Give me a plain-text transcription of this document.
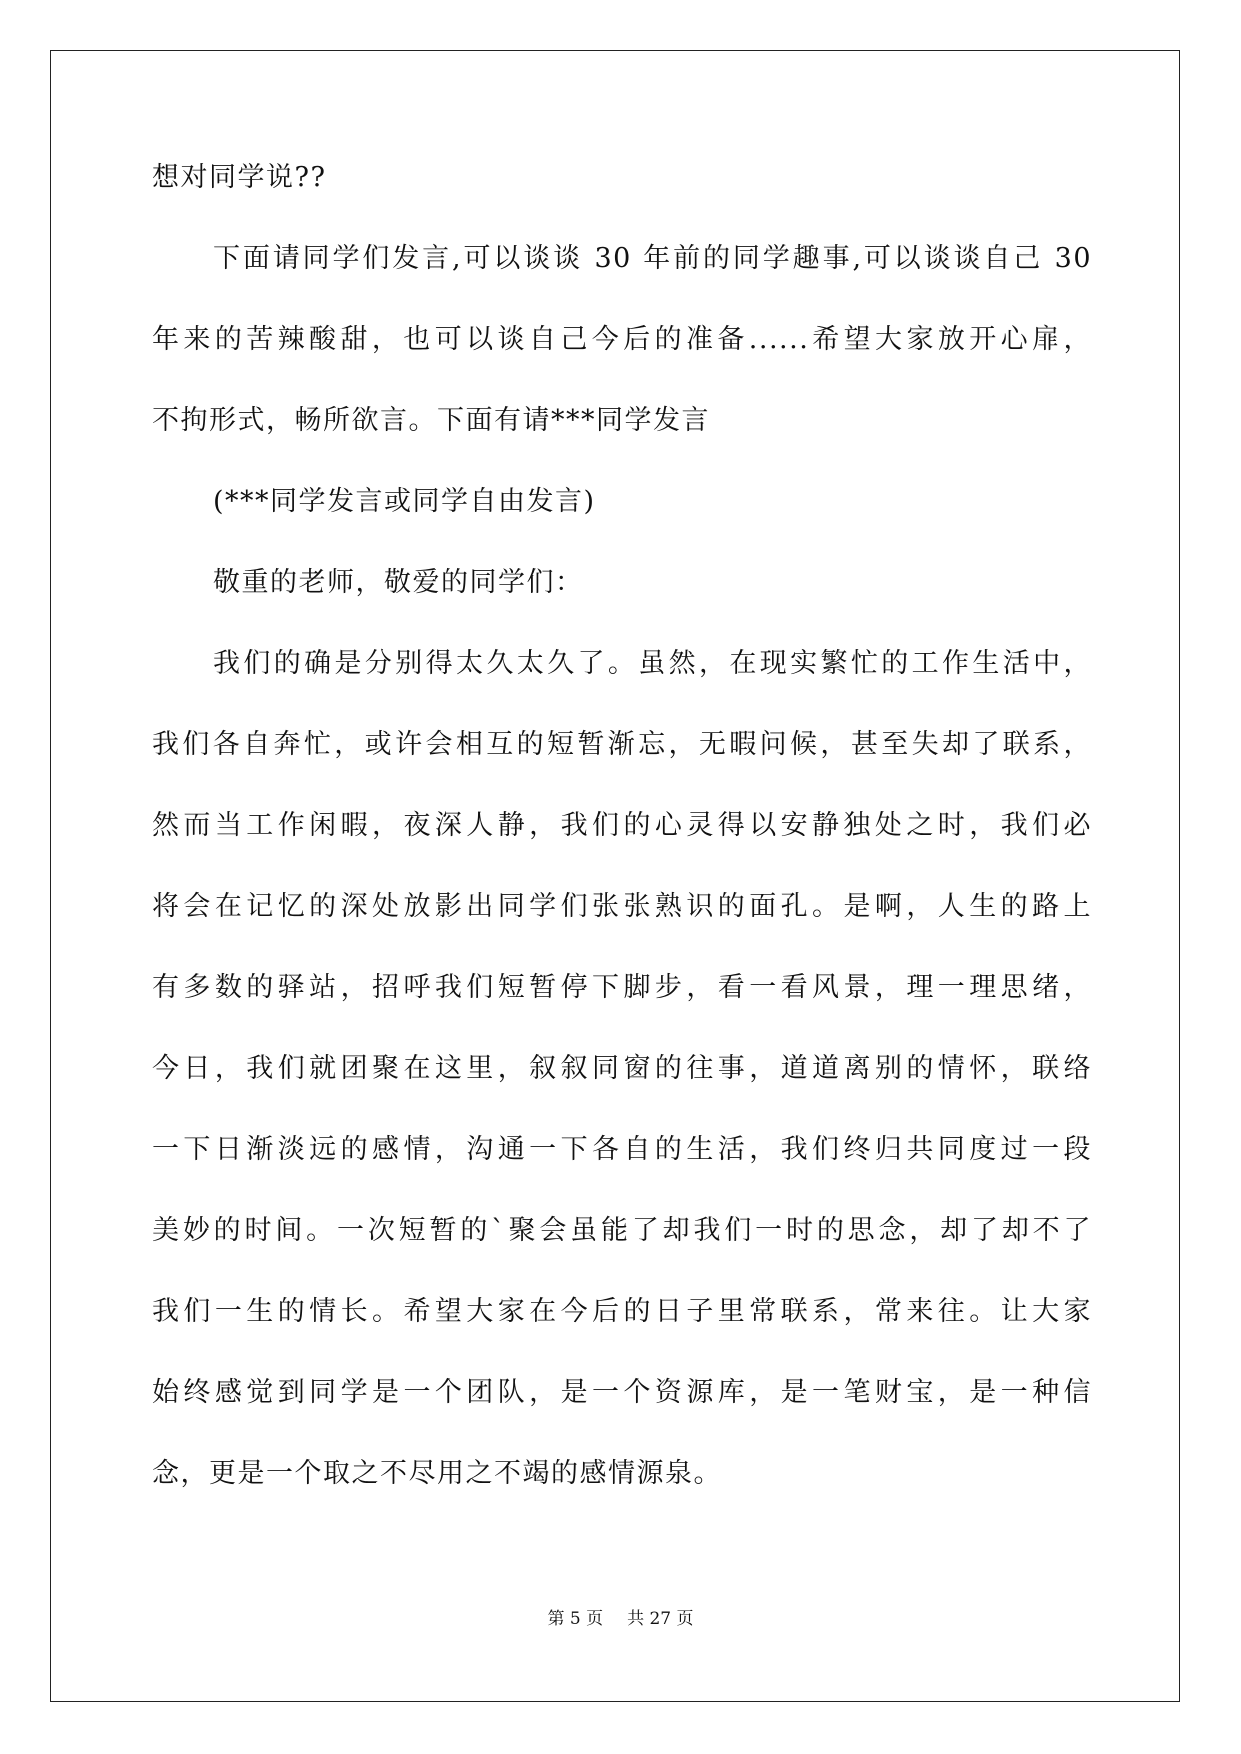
想对同学说??
下面请同学们发言,可以谈谈 30 年前的同学趣事,可以谈谈自己 30
年来的苦辣酸甜，也可以谈自己今后的准备......希望大家放开心扉，
不拘形式，畅所欲言。下面有请***同学发言
(***同学发言或同学自由发言)
敬重的老师，敬爱的同学们：
我们的确是分别得太久太久了。虽然，在现实繁忙的工作生活中，
我们各自奔忙，或许会相互的短暂渐忘，无暇问候，甚至失却了联系，
然而当工作闲暇，夜深人静，我们的心灵得以安静独处之时，我们必
将会在记忆的深处放影出同学们张张熟识的面孔。是啊，人生的路上
有多数的驿站，招呼我们短暂停下脚步，看一看风景，理一理思绪，
今日，我们就团聚在这里，叙叙同窗的往事，道道离别的情怀，联络
一下日渐淡远的感情，沟通一下各自的生活，我们终归共同度过一段
美妙的时间。一次短暂的`聚会虽能了却我们一时的思念，却了却不了
我们一生的情长。希望大家在今后的日子里常联系，常来往。让大家
始终感觉到同学是一个团队，是一个资源库，是一笔财宝，是一种信
念，更是一个取之不尽用之不竭的感情源泉。
第 5 页 共 27 页
